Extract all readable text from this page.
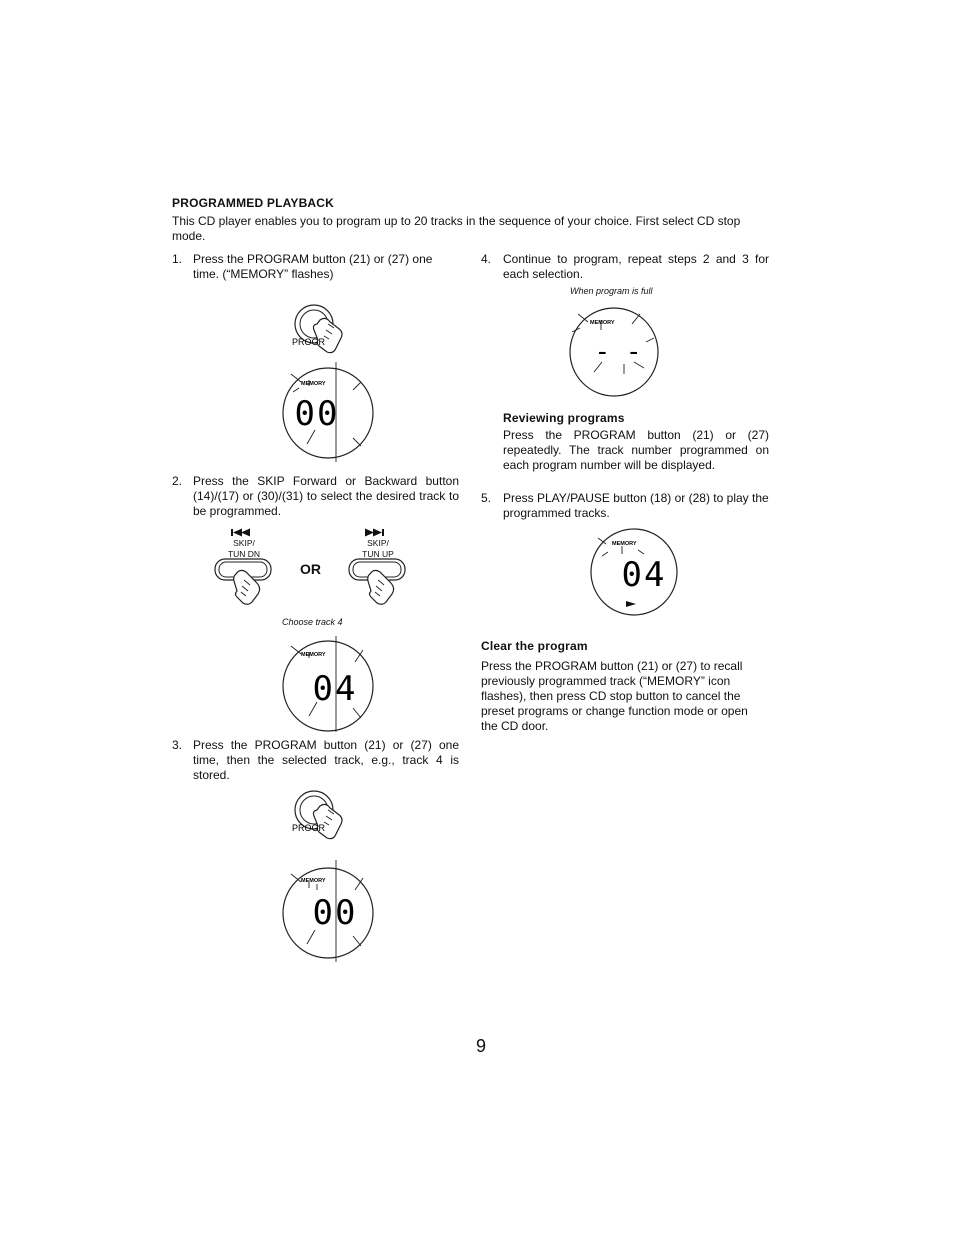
PROGRAMMED PLAYBACK
This CD player enables you to program up to 20 tracks in the sequence of your choice. First select CD stop mode.
1. Press the PROGRAM button (21) or (27) one time. (“MEMORY” flashes)
PROGR
MEMORY
00
2. Press the SKIP Forward or Backward button (14)/(17) or (30)/(31) to select the desired track to be programmed.
SKIP/
TUN DN
OR
SKIP/
TUN UP
Choose track 4
MEMORY
04
3. Press the PROGRAM button (21) or (27) one time, then the selected track, e.g., track 4 is stored.
PROGR
MEMORY
00
4. Continue to program, repeat steps 2 and 3 for each selection.
When program is full
MEMORY
- -
Reviewing programs
Press the PROGRAM button (21) or (27) repeatedly. The track number programmed on each program number will be displayed.
5. Press PLAY/PAUSE button (18) or (28) to play the programmed tracks.
MEMORY
04
Clear the program
Press the PROGRAM button (21) or (27) to recall previously programmed track (“MEMORY” icon flashes), then press CD stop button to cancel the preset programs or change function mode or open the CD door.
9
